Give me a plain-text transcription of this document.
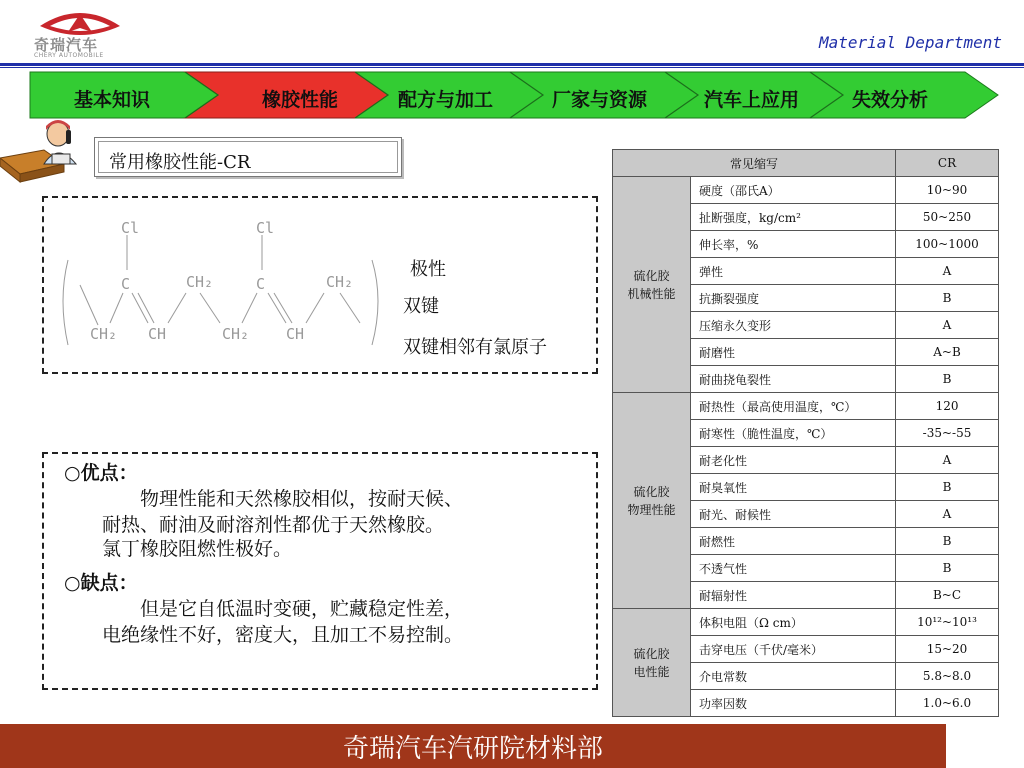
奇瑞汽车
CHERY AUTOMOBILE
Material Department
基本知识	橡胶性能	配方与加工	厂家与资源	汽车上应用	失效分析
常用橡胶性能-CR
Cl	Cl
C	C
CH₂	CH₂
CH₂ CH	CH₂ CH
极性
双键
双键相邻有氯原子
○优点：
物理性能和天然橡胶相似，按耐天候、
耐热、耐油及耐溶剂性都优于天然橡胶。
氯丁橡胶阻燃性极好。
○缺点：
但是它自低温时变硬，贮藏稳定性差，
电绝缘性不好，密度大，且加工不易控制。
常见缩写		CR

硫化胶
机械性能	硬度（邵氏A）	10~90
	扯断强度，kg/cm²	50~250
	伸长率，%	100~1000
	弹性	A
	抗撕裂强度	B
	压缩永久变形	A
	耐磨性	A~B
	耐曲挠龟裂性	B

硫化胶
物理性能	耐热性（最高使用温度，℃）	120
	耐寒性（脆性温度，℃）	-35~-55
	耐老化性	A
	耐臭氧性	B
	耐光、耐候性	A
	耐燃性	B
	不透气性	B
	耐辐射性	B~C

硫化胶
电性能	体积电阻（Ω cm）	10¹²~10¹³
	击穿电压（千伏/毫米）	15~20
	介电常数	5.8~8.0
	功率因数	1.0~6.0
奇瑞汽车汽研院材料部
